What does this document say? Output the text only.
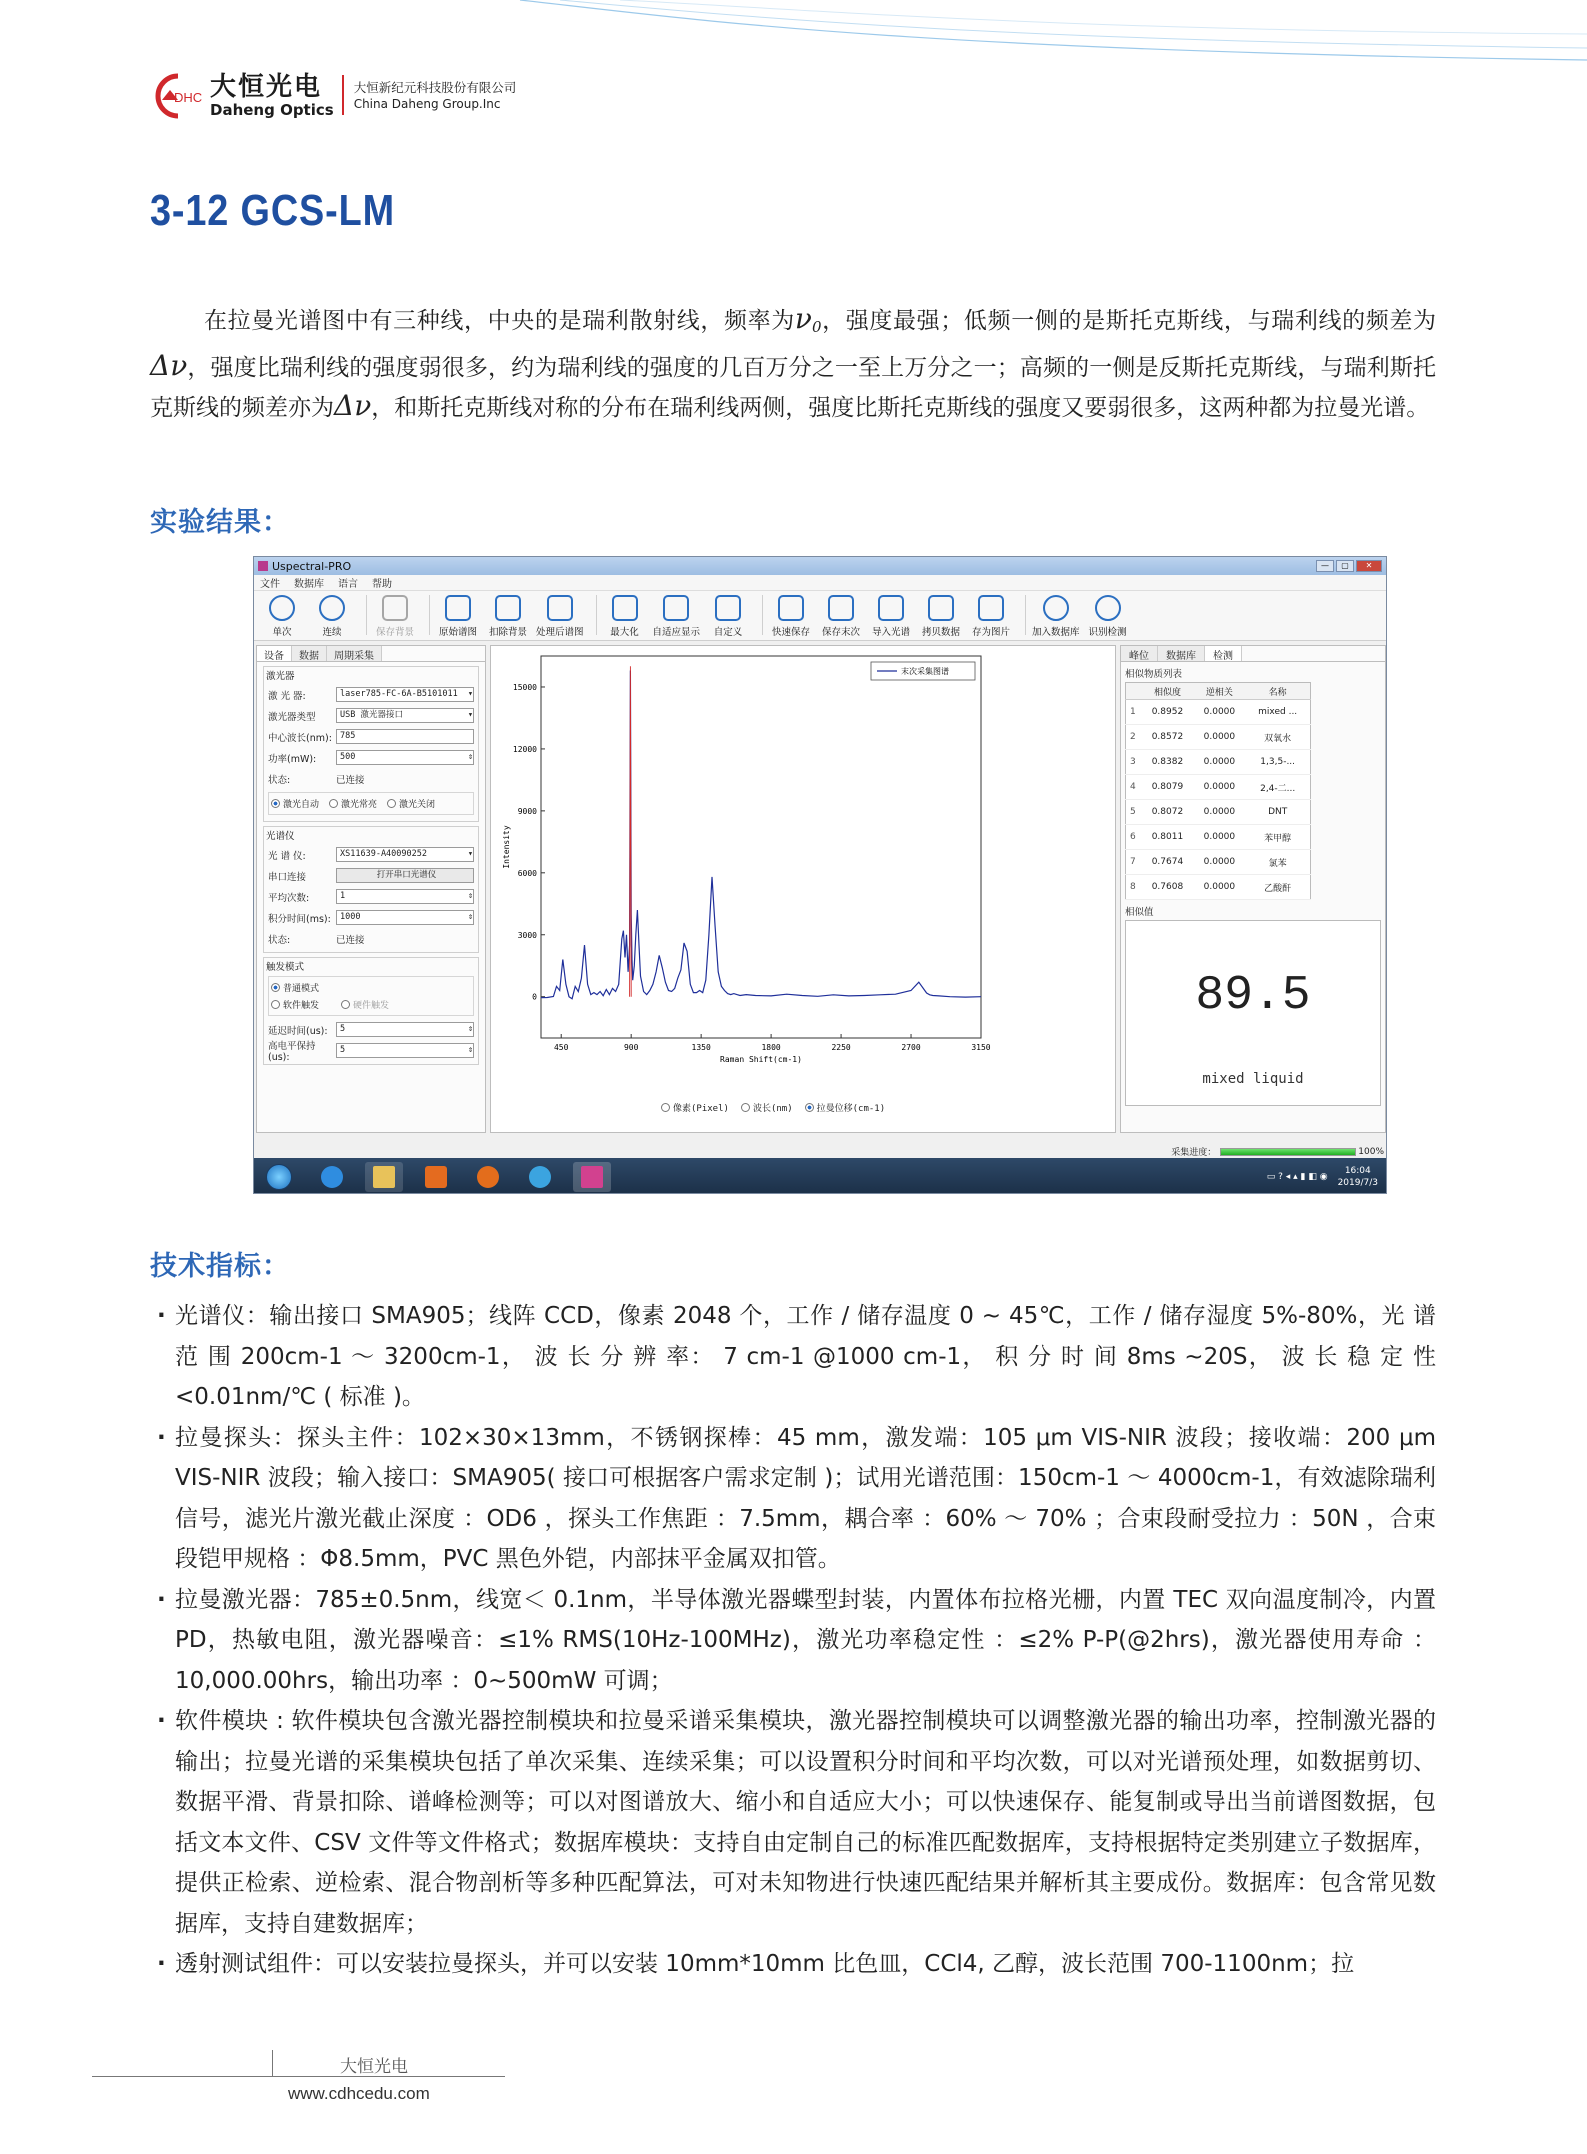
DHC 大恒光电
Daheng Optics
大恒新纪元科技股份有限公司
China Daheng Group.Inc
3-12 GCS-LM

在拉曼光谱图中有三种线，中央的是瑞利散射线，频率为$\nu_0$，强度最强；低频一侧的是斯托克斯线，与瑞利线的频差为Δν，强度比瑞利线的强度弱很多，约为瑞利线的强度的几百万分之一至上万分之一；高频的一侧是反斯托克斯线，与瑞利斯托克斯线的频差亦为Δν，和斯托克斯线对称的分布在瑞利线两侧，强度比斯托克斯线的强度又要弱很多，这两种都为拉曼光谱。

实验结果：
Uspectral-PRO	—	▢	✕
文件 数据库 语言 帮助
单次	连续	保存背景	原始谱图 扣除背景 处理后谱图	最大化 自适应显示 自定义	快速保存 保存末次 导入光谱 拷贝数据 存为图片 加入数据库 识别检测
设备	数据	周期采集
激光器
激 光 器:	laser785-FC-6A-B5101011 ▾
激光器类型	USB 激光器接口	▾
中心波长(nm): 785
功率(mW):	500	⇕
状态:	已连接
激光自动	激光常亮	激光关闭
光谱仪
光 谱 仪:	XS11639-A40090252	▾
串口连接	打开串口光谱仪
平均次数:	1	⇕
积分时间(ms):	1000	⇕
状态:	已连接
触发模式
普通模式
软件触发	硬件触发
延迟时间(us):	5	⇕
高电平保持(us):
5	⇕	450	900	1350	1800	2250	2700	3150
0
3000
6000
9000
12000
15000
Raman Shift(cm-1)
Intensity
末次采集图谱
像素(Pixel)	波长(nm)	拉曼位移(cm-1)
峰位	数据库	检测
相似物质列表
	相似度	逆相关	名称
1	0.8952	0.0000	mixed ...
2	0.8572	0.0000	双氧水
3	0.8382	0.0000	1,3,5-...
4	0.8079	0.0000	2,4-二...
5	0.8072	0.0000	DNT
6	0.8011	0.0000	苯甲醇
7	0.7674	0.0000	氯苯
8	0.7608	0.0000	乙酸酐
相似值
89.5
mixed liquid
采集进度：	100%
▭ ? ◂ ▴ ▮ ◧ ◉
16:04
2019/7/3
技术指标：
· 光谱仪：输出接口 SMA905；线阵 CCD，像素 2048 个，工作 / 储存温度 0 ~ 45℃，工作 / 储存湿度 5%-80%，光 谱 范 围 200cm-1 ～ 3200cm-1， 波 长 分 辨 率： 7 cm-1 @1000 cm-1， 积 分 时 间 8ms ~20S， 波 长 稳 定 性<0.01nm/℃ ( 标准 )。
· 拉曼探头：探头主件：102×30×13mm，不锈钢探棒：45 mm，激发端：105 μm VIS-NIR 波段；接收端：200 μm VIS-NIR 波段；输入接口：SMA905( 接口可根据客户需求定制 )；试用光谱范围：150cm-1 ～ 4000cm-1，有效滤除瑞利信号，滤光片激光截止深度 ：OD6 ，探头工作焦距 ：7.5mm，耦合率 ：60% ～ 70% ；合束段耐受拉力 ：50N ，合束段铠甲规格 ：Φ8.5mm，PVC 黑色外铠，内部抹平金属双扣管。
· 拉曼激光器：785±0.5nm，线宽＜ 0.1nm，半导体激光器蝶型封装，内置体布拉格光栅，内置 TEC 双向温度制冷，内置 PD，热敏电阻，激光器噪音：≤1% RMS(10Hz-100MHz)，激光功率稳定性 ：≤2% P-P(@2hrs)，激光器使用寿命 ：10,000.00hrs，输出功率 ：0~500mW 可调；
· 软件模块 : 软件模块包含激光器控制模块和拉曼采谱采集模块，激光器控制模块可以调整激光器的输出功率，控制激光器的输出；拉曼光谱的采集模块包括了单次采集、连续采集；可以设置积分时间和平均次数，可以对光谱预处理，如数据剪切、数据平滑、背景扣除、谱峰检测等；可以对图谱放大、缩小和自适应大小；可以快速保存、能复制或导出当前谱图数据，包括文本文件、CSV 文件等文件格式；数据库模块：支持自由定制自己的标准匹配数据库，支持根据特定类别建立子数据库，提供正检索、逆检索、混合物剖析等多种匹配算法，可对未知物进行快速匹配结果并解析其主要成份。数据库：包含常见数据库，支持自建数据库；
· 透射测试组件：可以安装拉曼探头，并可以安装 10mm*10mm 比色皿，CCl4, 乙醇，波长范围 700-1100nm；拉
大恒光电
www.cdhcedu.com
